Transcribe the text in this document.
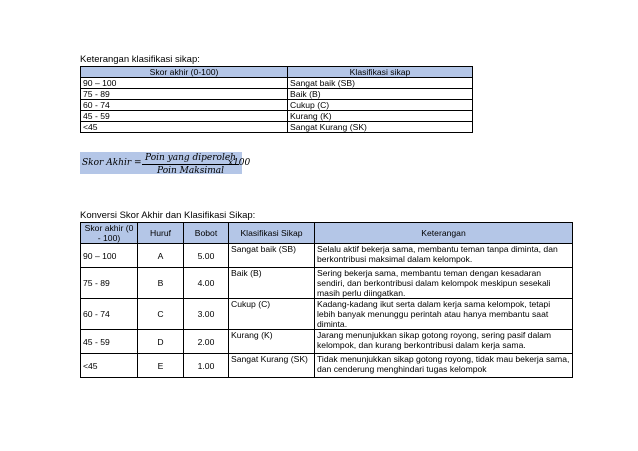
Keterangan klasifikasi sikap:
Skor akhir (0-100)	Klasifikasi sikap
90 – 100	Sangat baik (SB)
75 - 89	Baik (B)
60 - 74	Cukup (C)
45 - 59	Kurang (K)
<45	Sangat Kurang (SK)
Skor Akhir = Poin yang diperoleh
Poin Maksimal
x100
Konversi Skor Akhir dan Klasifikasi Sikap:
Skor akhir (0 - 100)	Huruf	Bobot	Klasifikasi Sikap	Keterangan
90 – 100	A	5.00	Sangat baik (SB)	Selalu aktif bekerja sama, membantu teman tanpa diminta, dan berkontribusi maksimal dalam kelompok.
75 - 89	B	4.00	Baik (B)	Sering bekerja sama, membantu teman dengan kesadaran sendiri, dan berkontribusi dalam kelompok meskipun sesekali masih perlu diingatkan.
60 - 74	C	3.00	Cukup (C)	Kadang-kadang ikut serta dalam kerja sama kelompok, tetapi lebih banyak menunggu perintah atau hanya membantu saat diminta.
45 - 59	D	2.00	Kurang (K)	Jarang menunjukkan sikap gotong royong, sering pasif dalam kelompok, dan kurang berkontribusi dalam kerja sama.
<45	E	1.00	Sangat Kurang (SK)	Tidak menunjukkan sikap gotong royong, tidak mau bekerja sama, dan cenderung menghindari tugas kelompok
